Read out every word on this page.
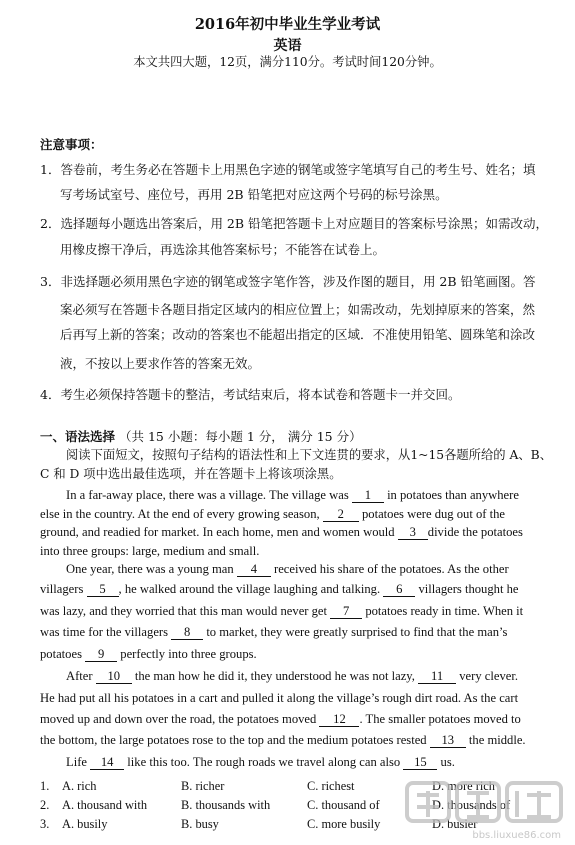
2016年初中毕业生学业考试
英语
本文共四大题，12页，满分110分。考试时间120分钟。
注意事项：
1．答卷前，考生务必在答题卡上用黑色字迹的钢笔或签字笔填写自己的考生号、姓名；填
写考场试室号、座位号，再用 2B 铅笔把对应这两个号码的标号涂黑。
2．选择题每小题选出答案后，用 2B 铅笔把答题卡上对应题目的答案标号涂黑；如需改动，
用橡皮擦干净后，再选涂其他答案标号；不能答在试卷上。
3．非选择题必须用黑色字迹的钢笔或签字笔作答，涉及作图的题目，用 2B 铅笔画图。答
案必须写在答题卡各题目指定区域内的相应位置上；如需改动，先划掉原来的答案，然
后再写上新的答案；改动的答案也不能超出指定的区域．不准使用铅笔、圆珠笔和涂改
液，不按以上要求作答的答案无效。
4．考生必须保持答题卡的整洁，考试结束后，将本试卷和答题卡一并交回。
一、语法选择 （共 15 小题：每小题 1 分， 满分 15 分）
阅读下面短文，按照句子结构的语法性和上下文连贯的要求，从1~15各题所给的 A、B、
C 和 D 项中选出最佳选项，并在答题卡上将该项涂黑。
In a far-away place, there was a village. The village was 1 in potatoes than anywhere
else in the country. At the end of every growing season, 2 potatoes were dug out of the
ground, and readied for market. In each home, men and women would 3 divide the potatoes
into three groups: large, medium and small.
One year, there was a young man 4 received his share of the potatoes. As the other
villagers 5 , he walked around the village laughing and talking. 6 villagers thought he
was lazy, and they worried that this man would never get 7 potatoes ready in time. When it
was time for the villagers 8 to market, they were greatly surprised to find that the man’s
potatoes 9 perfectly into three groups.
After 10 the man how he did it, they understood he was not lazy, 11 very clever.
He had put all his potatoes in a cart and pulled it along the village’s rough dirt road. As the cart
moved up and down over the road, the potatoes moved 12 . The smaller potatoes moved to
the bottom, the large potatoes rose to the top and the medium potatoes rested 13 the middle.
Life 14 like this too. The rough roads we travel along can also 15 us.
1. A. rich	B. richer	C. richest	D. more rich
2. A. thousand with	B. thousands with	C. thousand of	D. thousands of
3. A. busily	B. busy	C. more busily	D. busier
bbs.liuxue86.com
